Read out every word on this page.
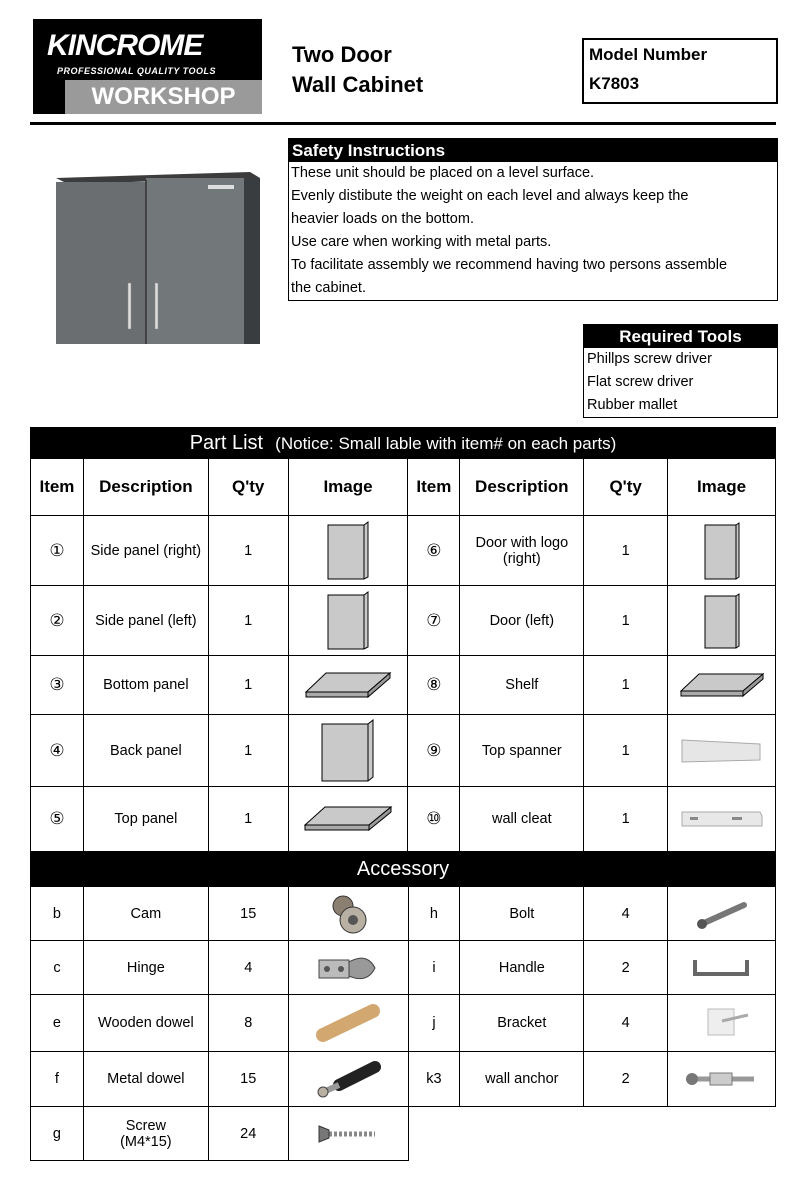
KINCROME
PROFESSIONAL QUALITY TOOLS
WORKSHOP
Two Door
Wall Cabinet
Model Number
K7803
Safety Instructions
These unit should be placed on a level surface.
Evenly distibute the weight on each level and always keep the
heavier loads on the bottom.
Use care when working with metal parts.
To facilitate assembly we recommend having two persons assemble
the cabinet.
Required Tools
Phillps screw driver
Flat screw driver
Rubber mallet
Part List (Notice: Small lable with item# on each parts)							
Item	Description	Q'ty	Image	Item	Description	Q'ty	Image
①	Side panel (right)	1		⑥	Door with logo (right)	1	

②	Side panel (left)	1		⑦	Door (left)	1	

③	Bottom panel	1		⑧	Shelf	1	

④	Back panel	1		⑨	Top spanner	1	

⑤	Top panel	1		⑩	wall cleat	1	
Accessory							
b	Cam	15		h	Bolt	4	

c	Hinge	4		i	Handle	2	

e	Wooden dowel	8		j	Bracket	4	

f	Metal dowel	15		k3	wall anchor	2	

g	Screw (M4*15)	24	
